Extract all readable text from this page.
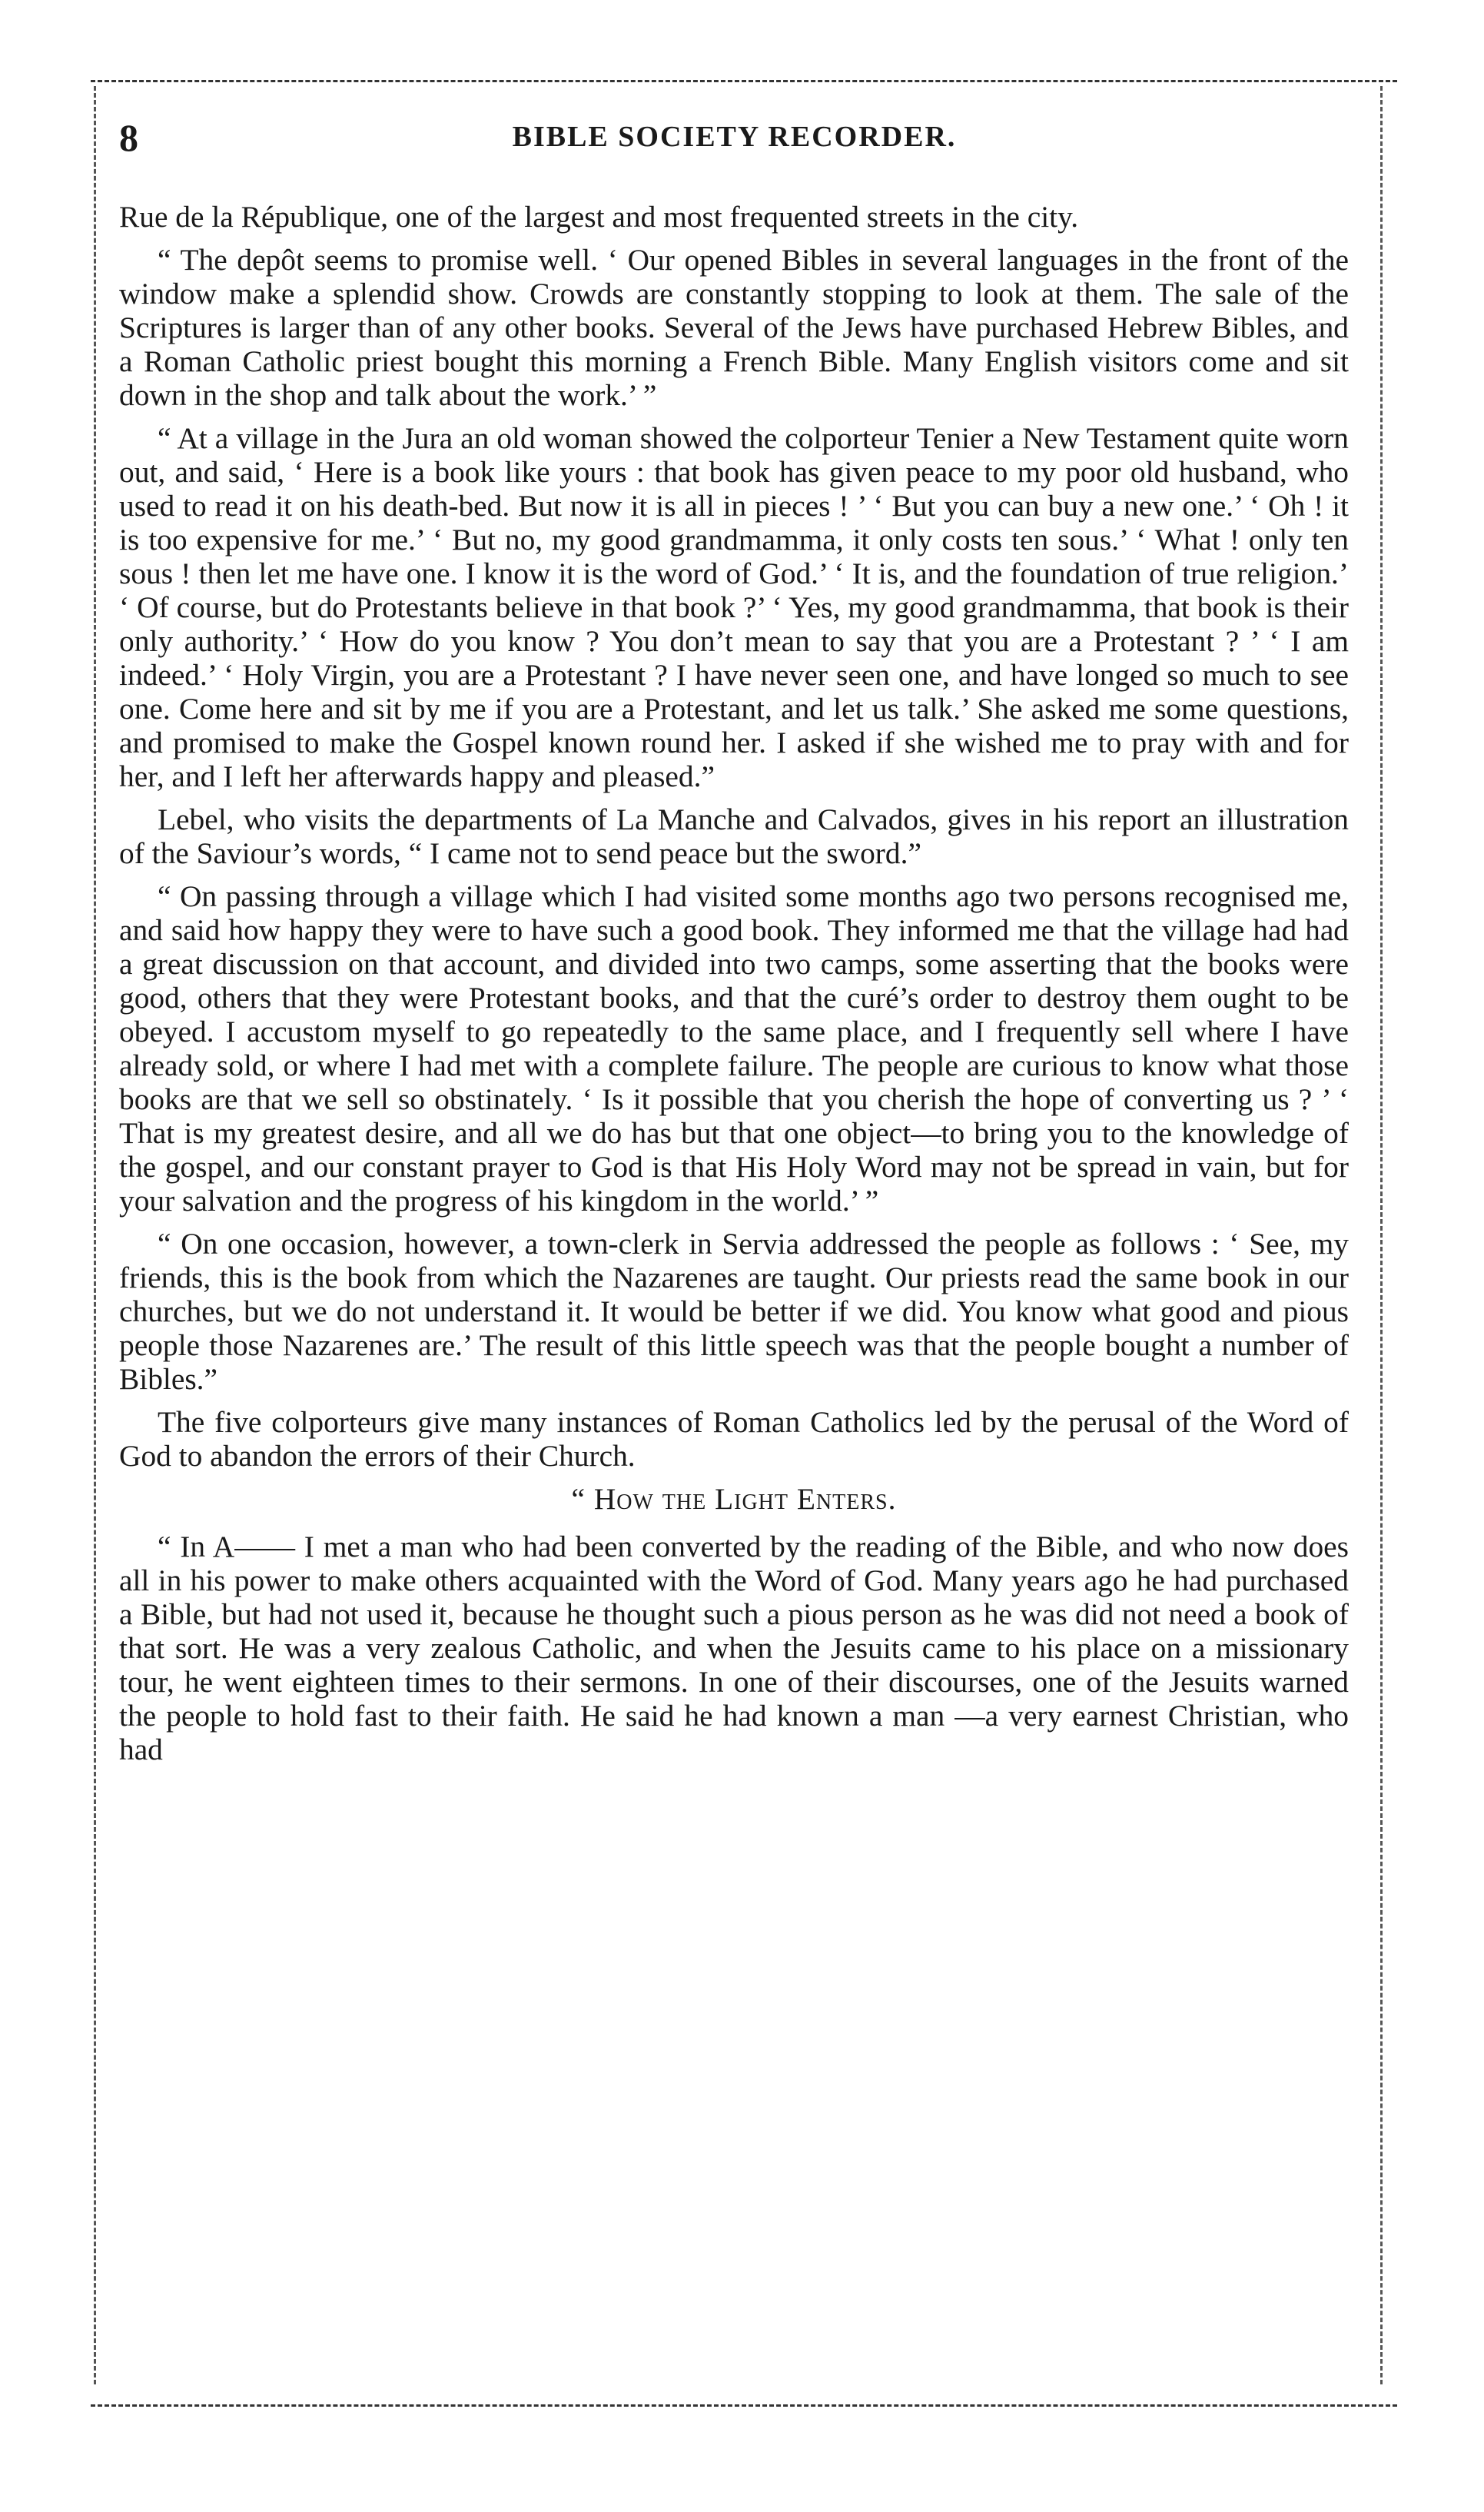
8	BIBLE SOCIETY RECORDER.

Rue de la République, one of the largest and most frequented streets in the city.

“ The depôt seems to promise well. ‘ Our opened Bibles in several languages in the front of the window make a splendid show. Crowds are constantly stopping to look at them. The sale of the Scriptures is larger than of any other books. Several of the Jews have purchased Hebrew Bibles, and a Roman Catholic priest bought this morning a French Bible. Many English visitors come and sit down in the shop and talk about the work.’ ”

“ At a village in the Jura an old woman showed the colporteur Tenier a New Testament quite worn out, and said, ‘ Here is a book like yours : that book has given peace to my poor old husband, who used to read it on his death-bed. But now it is all in pieces ! ’ ‘ But you can buy a new one.’ ‘ Oh ! it is too expensive for me.’ ‘ But no, my good grandmamma, it only costs ten sous.’ ‘ What ! only ten sous ! then let me have one. I know it is the word of God.’ ‘ It is, and the foundation of true religion.’ ‘ Of course, but do Protestants believe in that book ?’ ‘ Yes, my good grandmamma, that book is their only authority.’ ‘ How do you know ? You don’t mean to say that you are a Protestant ? ’ ‘ I am indeed.’ ‘ Holy Virgin, you are a Protestant ? I have never seen one, and have longed so much to see one. Come here and sit by me if you are a Protestant, and let us talk.’ She asked me some questions, and promised to make the Gospel known round her. I asked if she wished me to pray with and for her, and I left her afterwards happy and pleased.”

Lebel, who visits the departments of La Manche and Calvados, gives in his report an illustration of the Saviour’s words, “ I came not to send peace but the sword.”

“ On passing through a village which I had visited some months ago two persons recognised me, and said how happy they were to have such a good book. They informed me that the village had had a great discussion on that account, and divided into two camps, some asserting that the books were good, others that they were Protestant books, and that the curé’s order to destroy them ought to be obeyed. I accustom myself to go repeatedly to the same place, and I frequently sell where I have already sold, or where I had met with a complete failure. The people are curious to know what those books are that we sell so obstinately. ‘ Is it possible that you cherish the hope of converting us ? ’ ‘ That is my greatest desire, and all we do has but that one object—to bring you to the knowledge of the gospel, and our constant prayer to God is that His Holy Word may not be spread in vain, but for your salvation and the progress of his kingdom in the world.’ ”

“ On one occasion, however, a town-clerk in Servia addressed the people as follows : ‘ See, my friends, this is the book from which the Nazarenes are taught. Our priests read the same book in our churches, but we do not understand it. It would be better if we did. You know what good and pious people those Nazarenes are.’ The result of this little speech was that the people bought a number of Bibles.”

The five colporteurs give many instances of Roman Catholics led by the perusal of the Word of God to abandon the errors of their Church.

“ How the Light Enters.

“ In A—— I met a man who had been converted by the reading of the Bible, and who now does all in his power to make others acquainted with the Word of God. Many years ago he had purchased a Bible, but had not used it, because he thought such a pious person as he was did not need a book of that sort. He was a very zealous Catholic, and when the Jesuits came to his place on a missionary tour, he went eighteen times to their sermons. In one of their discourses, one of the Jesuits warned the people to hold fast to their faith. He said he had known a man —a very earnest Christian, who had
